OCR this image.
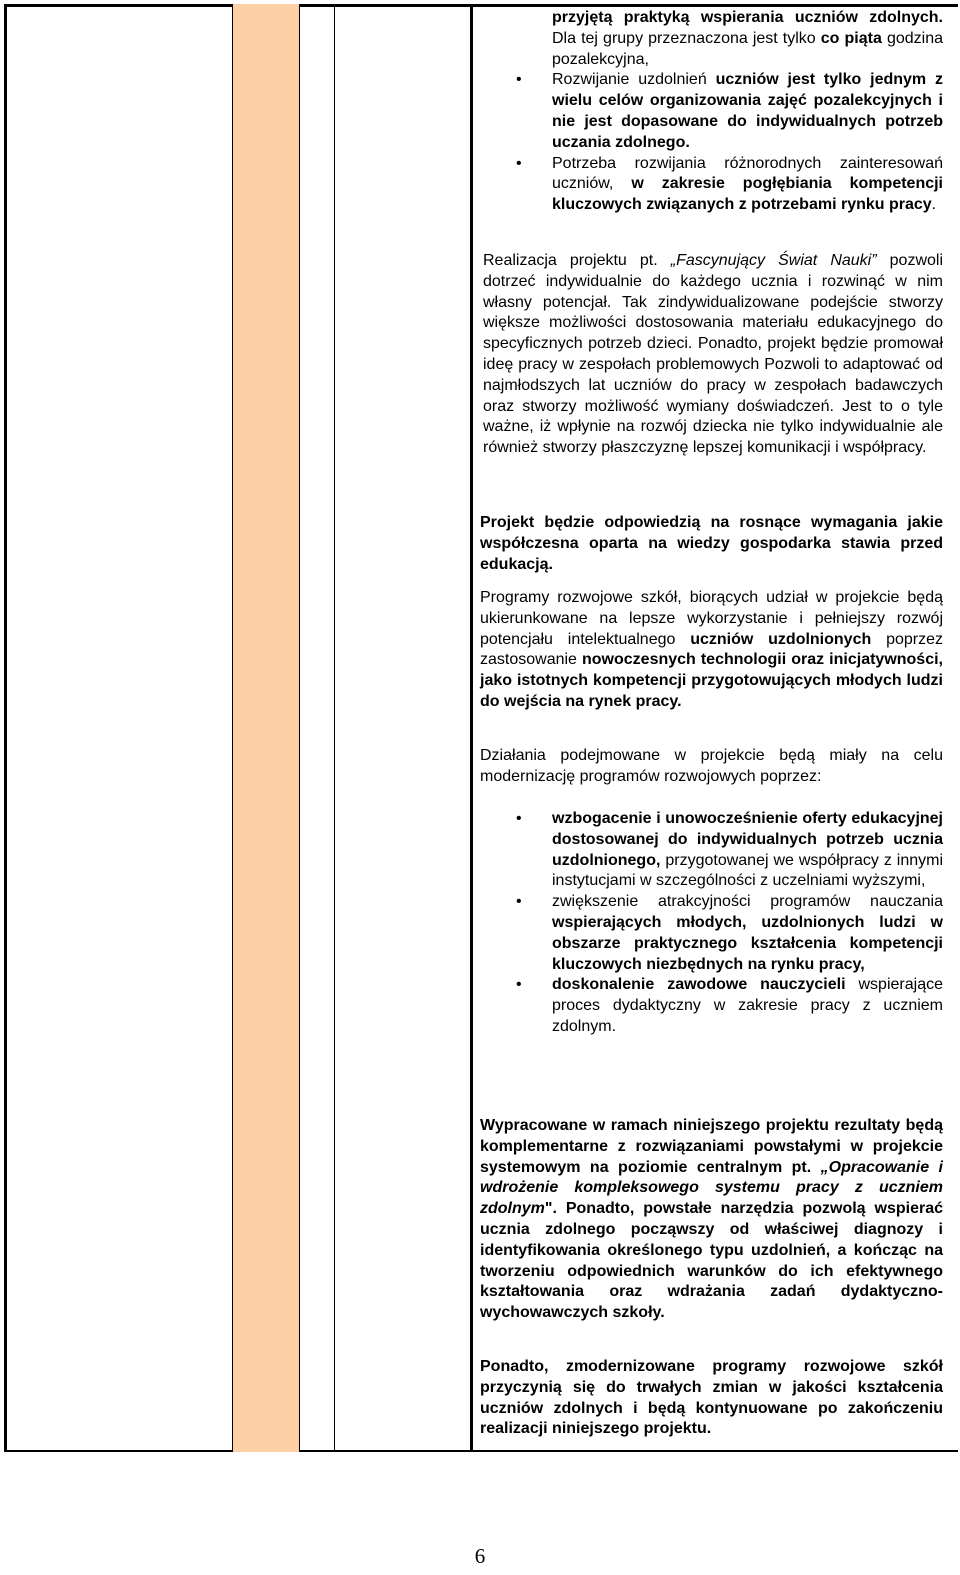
przyjętą praktyką wspierania uczniów zdolnych. Dla tej grupy przeznaczona jest tylko co piąta godzina pozalekcyjna,
• Rozwijanie uzdolnień uczniów jest tylko jednym z wielu celów organizowania zajęć pozalekcyjnych i nie jest dopasowane do indywidualnych potrzeb uczania zdolnego.
• Potrzeba rozwijania różnorodnych zainteresowań uczniów, w zakresie pogłębiania kompetencji kluczowych związanych z potrzebami rynku pracy.
Realizacja projektu pt. „Fascynujący Świat Nauki” pozwoli dotrzeć indywidualnie do każdego ucznia i rozwinąć w nim własny potencjał. Tak zindywidualizowane podejście stworzy większe możliwości dostosowania materiału edukacyjnego do specyficznych potrzeb dzieci. Ponadto, projekt będzie promował ideę pracy w zespołach problemowych Pozwoli to adaptować od najmłodszych lat uczniów do pracy w zespołach badawczych oraz stworzy możliwość wymiany doświadczeń. Jest to o tyle ważne, iż wpłynie na rozwój dziecka nie tylko indywidualnie ale również stworzy płaszczyznę lepszej komunikacji i współpracy.
Projekt będzie odpowiedzią na rosnące wymagania jakie współczesna oparta na wiedzy gospodarka stawia przed edukacją.
Programy rozwojowe szkół, biorących udział w projekcie będą ukierunkowane na lepsze wykorzystanie i pełniejszy rozwój potencjału intelektualnego uczniów uzdolnionych poprzez zastosowanie nowoczesnych technologii oraz inicjatywności, jako istotnych kompetencji przygotowujących młodych ludzi do wejścia na rynek pracy.
Działania podejmowane w projekcie będą miały na celu modernizację programów rozwojowych poprzez:
• wzbogacenie i unowocześnienie oferty edukacyjnej dostosowanej do indywidualnych potrzeb ucznia uzdolnionego, przygotowanej we współpracy z innymi instytucjami w szczególności z uczelniami wyższymi,
• zwiększenie atrakcyjności programów nauczania wspierających młodych, uzdolnionych ludzi w obszarze praktycznego kształcenia kompetencji kluczowych niezbędnych na rynku pracy,
• doskonalenie zawodowe nauczycieli wspierające proces dydaktyczny w zakresie pracy z uczniem zdolnym.
Wypracowane w ramach niniejszego projektu rezultaty będą komplementarne z rozwiązaniami powstałymi w projekcie systemowym na poziomie centralnym pt. „Opracowanie i wdrożenie kompleksowego systemu pracy z uczniem zdolnym". Ponadto, powstałe narzędzia pozwolą wspierać ucznia zdolnego począwszy od właściwej diagnozy i identyfikowania określonego typu uzdolnień, a kończąc na tworzeniu odpowiednich warunków do ich efektywnego kształtowania oraz wdrażania zadań dydaktyczno-wychowawczych szkoły.
Ponadto, zmodernizowane programy rozwojowe szkół przyczynią się do trwałych zmian w jakości kształcenia uczniów zdolnych i będą kontynuowane po zakończeniu realizacji niniejszego projektu.
6
